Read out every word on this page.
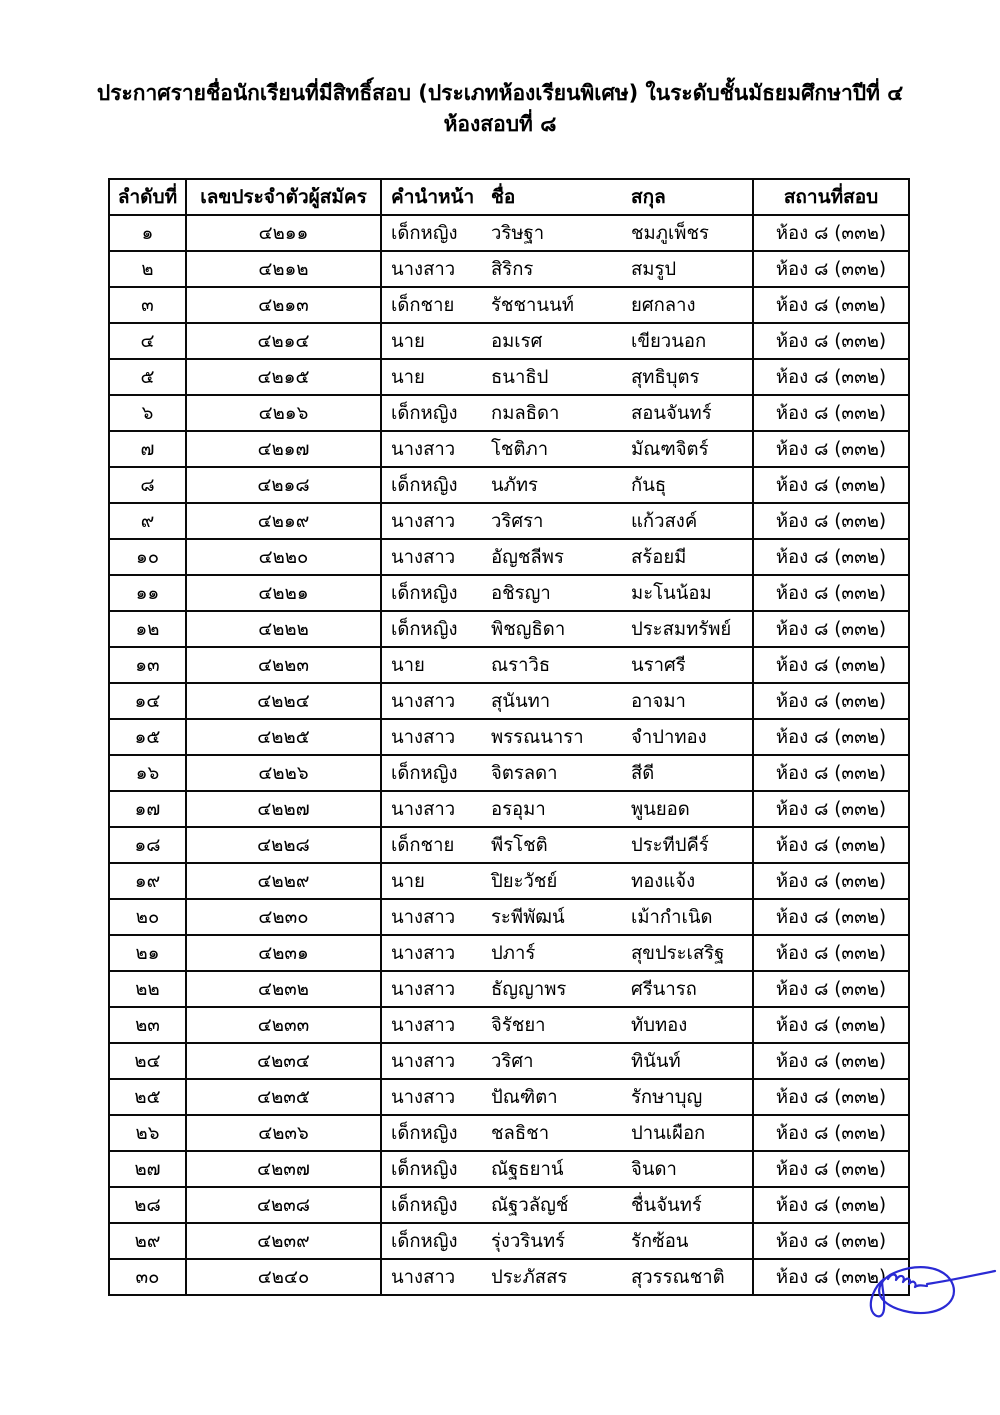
ประกาศรายชื่อนักเรียนที่มีสิทธิ์สอบ (ประเภทห้องเรียนพิเศษ) ในระดับชั้นมัธยมศึกษาปีที่ ๔
ห้องสอบที่ ๘
ลำดับที่	เลขประจำตัวผู้สมัคร	คำนำหน้า ชื่อ สกุล	สถานที่สอบ
๑	๔๒๑๑	เด็กหญิง วริษฐา ชมภูเพ็ชร	ห้อง ๘ (๓๓๒)
๒	๔๒๑๒	นางสาว สิริกร สมรูป	ห้อง ๘ (๓๓๒)
๓	๔๒๑๓	เด็กชาย รัชชานนท์ ยศกลาง	ห้อง ๘ (๓๓๒)
๔	๔๒๑๔	นาย อมเรศ เขียวนอก	ห้อง ๘ (๓๓๒)
๕	๔๒๑๕	นาย ธนาธิป สุทธิบุตร	ห้อง ๘ (๓๓๒)
๖	๔๒๑๖	เด็กหญิง กมลธิดา สอนจันทร์	ห้อง ๘ (๓๓๒)
๗	๔๒๑๗	นางสาว โชติภา มัณฑจิตร์	ห้อง ๘ (๓๓๒)
๘	๔๒๑๘	เด็กหญิง นภัทร กันธุ	ห้อง ๘ (๓๓๒)
๙	๔๒๑๙	นางสาว วริศรา แก้วสงค์	ห้อง ๘ (๓๓๒)
๑๐	๔๒๒๐	นางสาว อัญชลีพร สร้อยมี	ห้อง ๘ (๓๓๒)
๑๑	๔๒๒๑	เด็กหญิง อชิรญา มะโนน้อม	ห้อง ๘ (๓๓๒)
๑๒	๔๒๒๒	เด็กหญิง พิชญธิดา ประสมทรัพย์	ห้อง ๘ (๓๓๒)
๑๓	๔๒๒๓	นาย ณราวิธ นราศรี	ห้อง ๘ (๓๓๒)
๑๔	๔๒๒๔	นางสาว สุนันทา อาจมา	ห้อง ๘ (๓๓๒)
๑๕	๔๒๒๕	นางสาว พรรณนารา จำปาทอง	ห้อง ๘ (๓๓๒)
๑๖	๔๒๒๖	เด็กหญิง จิตรลดา สีดี	ห้อง ๘ (๓๓๒)
๑๗	๔๒๒๗	นางสาว อรอุมา พูนยอด	ห้อง ๘ (๓๓๒)
๑๘	๔๒๒๘	เด็กชาย พีรโชติ ประทีปคีร์	ห้อง ๘ (๓๓๒)
๑๙	๔๒๒๙	นาย ปิยะวัชย์ ทองแจ้ง	ห้อง ๘ (๓๓๒)
๒๐	๔๒๓๐	นางสาว ระพีพัฒน์ เม้ากำเนิด	ห้อง ๘ (๓๓๒)
๒๑	๔๒๓๑	นางสาว ปภาร์ สุขประเสริฐ	ห้อง ๘ (๓๓๒)
๒๒	๔๒๓๒	นางสาว ธัญญาพร ศรีนารถ	ห้อง ๘ (๓๓๒)
๒๓	๔๒๓๓	นางสาว จิรัชยา ทับทอง	ห้อง ๘ (๓๓๒)
๒๔	๔๒๓๔	นางสาว วริศา ทินันท์	ห้อง ๘ (๓๓๒)
๒๕	๔๒๓๕	นางสาว ปัณฑิตา รักษาบุญ	ห้อง ๘ (๓๓๒)
๒๖	๔๒๓๖	เด็กหญิง ชลธิชา ปานเผือก	ห้อง ๘ (๓๓๒)
๒๗	๔๒๓๗	เด็กหญิง ณัฐธยาน์ จินดา	ห้อง ๘ (๓๓๒)
๒๘	๔๒๓๘	เด็กหญิง ณัฐวลัญช์ ชื่นจันทร์	ห้อง ๘ (๓๓๒)
๒๙	๔๒๓๙	เด็กหญิง รุ่งวรินทร์ รักซ้อน	ห้อง ๘ (๓๓๒)
๓๐	๔๒๔๐	นางสาว ประภัสสร สุวรรณชาติ	ห้อง ๘ (๓๓๒)
